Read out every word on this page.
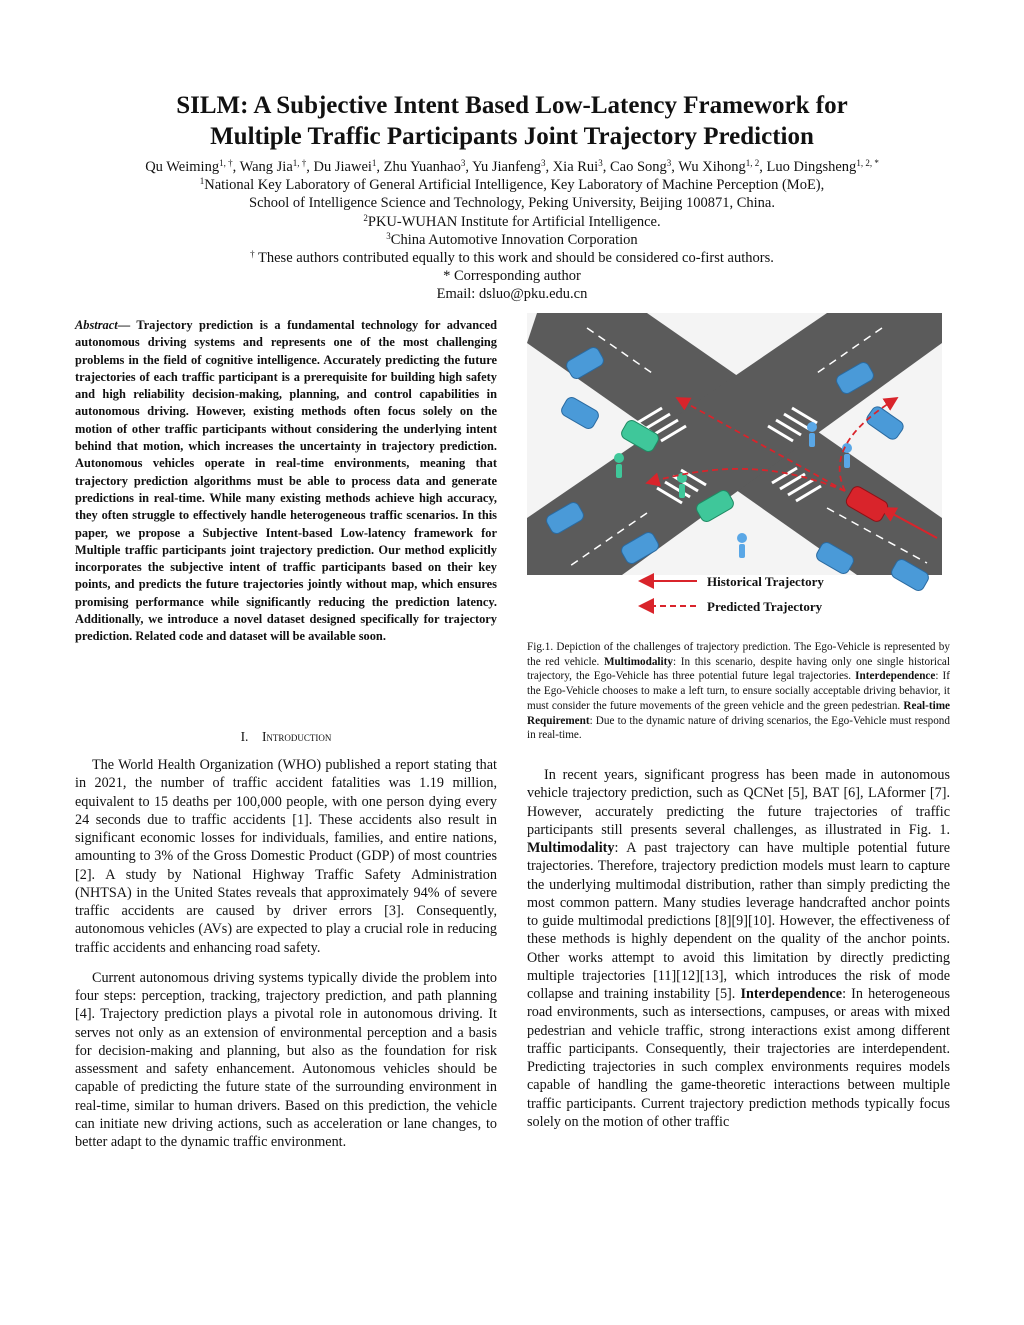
SILM: A Subjective Intent Based Low-Latency Framework for
Multiple Traffic Participants Joint Trajectory Prediction
Qu Weiming$^{1, \dagger}$, Wang Jia$^{1, \dagger}$, Du Jiawei$^1$, Zhu Yuanhao$^3$, Yu Jianfeng$^3$, Xia Rui$^3$, Cao Song$^3$, Wu Xihong$^{1, 2}$, Luo Dingsheng$^{1, 2, *}$
$^1$National Key Laboratory of General Artificial Intelligence, Key Laboratory of Machine Perception (MoE),
School of Intelligence Science and Technology, Peking University, Beijing 100871, China.
$^2$PKU-WUHAN Institute for Artificial Intelligence.
$^3$China Automotive Innovation Corporation
† These authors contributed equally to this work and should be considered co-first authors.
* Corresponding author
Email: dsluo@pku.edu.cn
Abstract— Trajectory prediction is a fundamental technology for advanced autonomous driving systems and represents one of the most challenging problems in the field of cognitive intelligence. Accurately predicting the future trajectories of each traffic participant is a prerequisite for building high safety and high reliability decision-making, planning, and control capabilities in autonomous driving. However, existing methods often focus solely on the motion of other traffic participants without considering the underlying intent behind that motion, which increases the uncertainty in trajectory prediction. Autonomous vehicles operate in real-time environments, meaning that trajectory prediction algorithms must be able to process data and generate predictions in real-time. While many existing methods achieve high accuracy, they often struggle to effectively handle heterogeneous traffic scenarios. In this paper, we propose a Subjective Intent-based Low-latency framework for Multiple traffic participants joint trajectory prediction. Our method explicitly incorporates the subjective intent of traffic participants based on their key points, and predicts the future trajectories jointly without map, which ensures promising performance while significantly reducing the prediction latency. Additionally, we introduce a novel dataset designed specifically for trajectory prediction. Related code and dataset will be available soon.
I. Introduction

The World Health Organization (WHO) published a report stating that in 2021, the number of traffic accident fatalities was 1.19 million, equivalent to 15 deaths per 100,000 people, with one person dying every 24 seconds due to traffic accidents [1]. These accidents also result in significant economic losses for individuals, families, and entire nations, amounting to 3% of the Gross Domestic Product (GDP) of most countries [2]. A study by National Highway Traffic Safety Administration (NHTSA) in the United States reveals that approximately 94% of severe traffic accidents are caused by driver errors [3]. Consequently, autonomous vehicles (AVs) are expected to play a crucial role in reducing traffic accidents and enhancing road safety.

Current autonomous driving systems typically divide the problem into four steps: perception, tracking, trajectory prediction, and path planning [4]. Trajectory prediction plays a pivotal role in autonomous driving. It serves not only as an extension of environmental perception and a basis for decision-making and planning, but also as the foundation for risk assessment and safety enhancement. Autonomous vehicles should be capable of predicting the future state of the surrounding environment in real-time, similar to human drivers. Based on this prediction, the vehicle can initiate new driving actions, such as acceleration or lane changes, to better adapt to the dynamic traffic environment.

Historical Trajectory
Predicted Trajectory
Fig.1. Depiction of the challenges of trajectory prediction. The Ego-Vehicle is represented by the red vehicle. Multimodality: In this scenario, despite having only one single historical trajectory, the Ego-Vehicle has three potential future legal trajectories. Interdependence: If the Ego-Vehicle chooses to make a left turn, to ensure socially acceptable driving behavior, it must consider the future movements of the green vehicle and the green pedestrian. Real-time Requirement: Due to the dynamic nature of driving scenarios, the Ego-Vehicle must respond in real-time.

In recent years, significant progress has been made in autonomous vehicle trajectory prediction, such as QCNet [5], BAT [6], LAformer [7]. However, accurately predicting the future trajectories of traffic participants still presents several challenges, as illustrated in Fig. 1. Multimodality: A past trajectory can have multiple potential future trajectories. Therefore, trajectory prediction models must learn to capture the underlying multimodal distribution, rather than simply predicting the most common pattern. Many studies leverage handcrafted anchor points to guide multimodal predictions [8][9][10]. However, the effectiveness of these methods is highly dependent on the quality of the anchor points. Other works attempt to avoid this limitation by directly predicting multiple trajectories [11][12][13], which introduces the risk of mode collapse and training instability [5]. Interdependence: In heterogeneous road environments, such as intersections, campuses, or areas with mixed pedestrian and vehicle traffic, strong interactions exist among different traffic participants. Consequently, their trajectories are interdependent. Predicting trajectories in such complex environments requires models capable of handling the game-theoretic interactions between multiple traffic participants. Current trajectory prediction methods typically focus solely on the motion of other traffic
